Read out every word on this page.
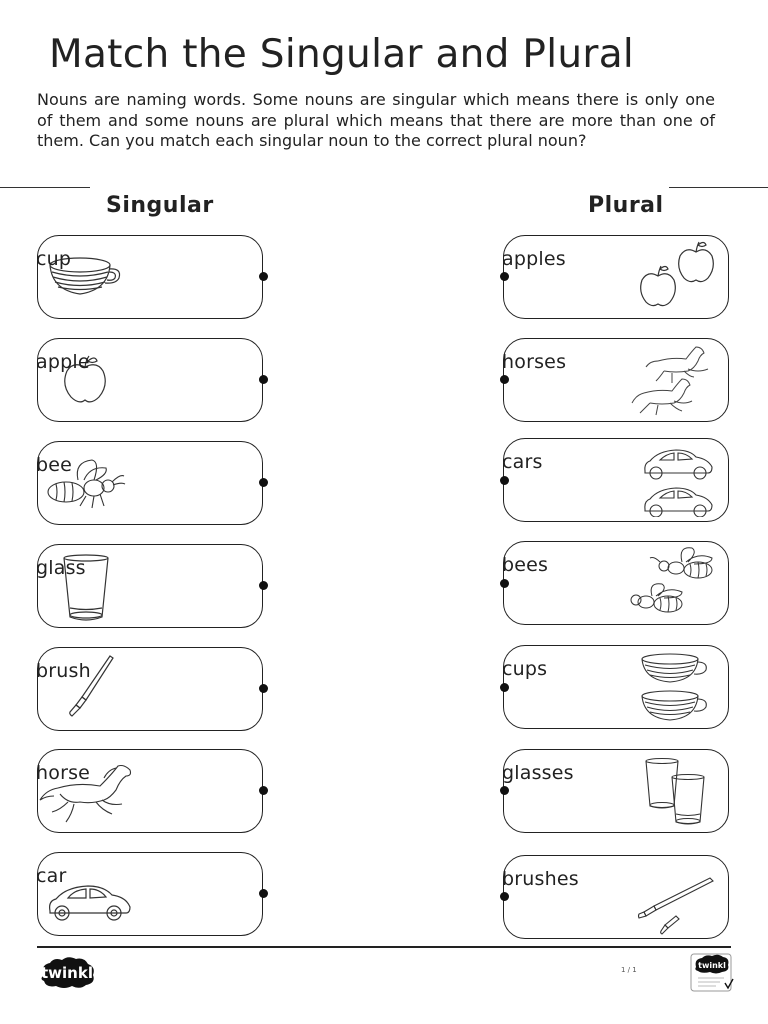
Match the Singular and Plural

Nouns are naming words. Some nouns are singular which means there is only one of them and some nouns are plural which means that there are more than one of them. Can you match each singular noun to the correct plural noun?

Singular	Plural
cup
apple
bee
glass
brush
horse
car
apples
horses
cars
bees
cups
glasses
brushes
twinkl	1 / 1	twinkl
